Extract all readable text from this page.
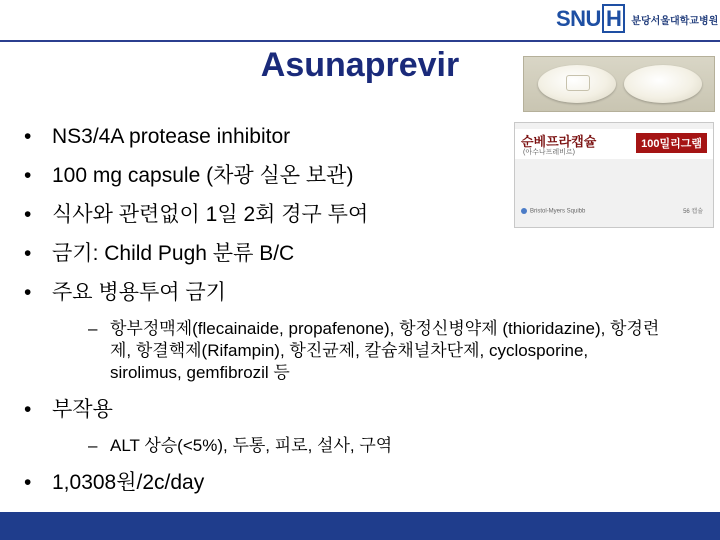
SNU H	분당서울대학교병원
Asunaprevir
순베프라캡슐
(아수나프레비르)
100밀리그램
Bristol-Myers Squibb	56 캡슐
• NS3/4A protease inhibitor
• 100 mg capsule (차광 실온 보관)
• 식사와 관련없이 1일 2회 경구 투여
• 금기: Child Pugh 분류 B/C
• 주요 병용투여 금기
– 항부정맥제(flecainaide, propafenone), 항정신병약제 (thioridazine), 항경련제, 항결핵제(Rifampin), 항진균제, 칼슘채널차단제, cyclosporine, sirolimus, gemfibrozil 등
• 부작용
– ALT 상승(<5%), 두통, 피로, 설사, 구역
• 1,0308원/2c/day
